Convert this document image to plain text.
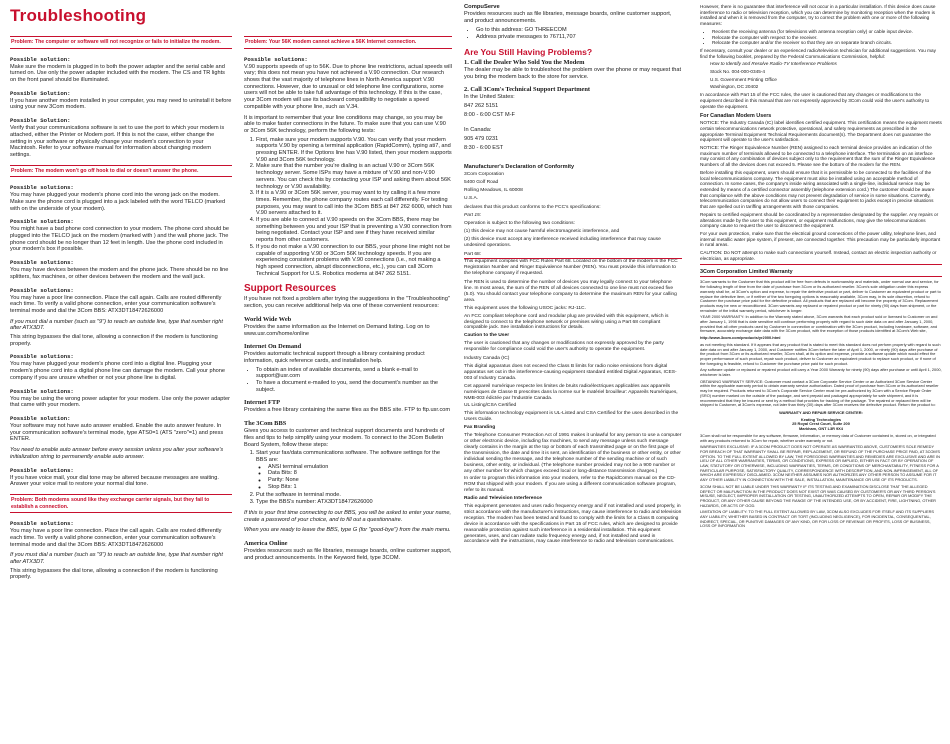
Troubleshooting
Problem: The computer or software will not recognize or fails to initialize the modem.
Possible solution:
Make sure the modem is plugged in to both the power adapter and the serial cable and turned on. Use only the power adapter included with the modem. The CS and TR lights on the front panel should be illuminated.
Possible Solution:
If you have another modem installed in your computer, you may need to uninstall it before using your new 3Com modem.
Possible Solution:
Verify that your communications software is set to use the port to which your modem is attached, either the Printer or Modem port. If this is not the case, either change the setting in your software or physically change your modem's connection to your Macintosh. Refer to your software manual for information about changing modem settings.
Problem: The modem won't go off hook to dial or doesn't answer the phone.
Possible solutions:
You may have plugged your modem's phone cord into the wrong jack on the modem. Make sure the phone cord is plugged into a jack labeled with the word TELCO (marked with on the underside of your modem).
Possible solutions:
You might have a bad phone cord connection to your modem. The phone cord should be plugged into the TELCO jack on the modem (marked with ) and the wall phone jack. The phone cord should be no longer than 12 feet in length. Use the phone cord included in your modem's box if possible.
Possible solutions:
You may have devices between the modem and the phone jack. There should be no line splitters, fax machines, or other devices between the modem and the wall jack.
Possible solutions:
You may have a poor line connection. Place the call again. Calls are routed differently each time. To verify a valid phone connection, enter your communication software's terminal mode and dial the 3Com BBS: ATX3DT18472626000
If you must dial a number (such as "9") to reach an outside line, type that number right after ATX3DT.
This string bypasses the dial tone, allowing a connection if the modem is functioning properly.
Possible solutions:
You may have plugged your modem's phone cord into a digital line. Plugging your modem's phone cord into a digital phone line can damage the modem. Call your phone company if you are unsure whether or not your phone line is digital.
Possible solutions:
You may be using the wrong power adapter for your modem. Use only the power adapter that came with your modem.
Possible solution:
Your software may not have auto answer enabled. Enable the auto answer feature. In your communication software's terminal mode, type ATS0=1 (ATS "zero"=1) and press ENTER.
You need to enable auto answer before every session unless you alter your software's initialization string to permanently enable auto answer.
Possible solutions:
If you have voice mail, your dial tone may be altered because messages are waiting. Answer your voice mail to restore your normal dial tone.
Problem: Both modems sound like they exchange carrier signals, but they fail to establish a connection.
Possible solutions:
You may have a poor line connection. Place the call again. Calls are routed differently each time. To verify a valid phone connection, enter your communication software's terminal mode and dial the 3Com BBS: ATX3DT18472626000
If you must dial a number (such as "9") to reach an outside line, type that number right after ATX3DT.
This string bypasses the dial tone, allowing a connection if the modem is functioning properly.
Problem: Your 56K modem cannot achieve a 56K Internet connection.
Possible solutions:
V.90 supports speeds of up to 56K. Due to phone line restrictions, actual speeds will vary; this does not mean you have not achieved a V.90 connection. Our research shows that the vast majority of telephone lines in North America support V.90 connections. However, due to unusual or old telephone line configurations, some users will not be able to take full advantage of this technology. If this is the case, your 3Com modem will use its backward compatibility to negotiate a speed compatible with your phone line, such as V.34.
It is important to remember that your line conditions may change, so you may be able to make faster connections in the future. To make sure that you can use V.90 or 3Com 56K technology, perform the following tests:
1. First, make sure your modem supports V.90. You can verify that your modem supports V.90 by opening a terminal application (RapidComm), typing ati7, and pressing ENTER. If the Options line has V.90 listed, then your modem supports V.90 and 3Com 56K technology.
2. Make sure that the number you're dialing is an actual V.90 or 3Com 56K technology server. Some ISPs may have a mixture of V.90 and non-V.90 servers. You can check this by contacting your ISP and asking them about 56K technology or V.90 availability.
3. If it is a V.90 or 3Com 56K server, you may want to try calling it a few more times. Remember, the phone company routes each call differently. For testing purposes, you may want to call into the 3Com BBS at 847 262 6000, which has V.90 servers attached to it.
4. If you are able to connect at V.90 speeds on the 3Com BBS, there may be something between you and your ISP that is preventing a V.90 connection from being negotiated. Contact your ISP and see if they have received similar reports from other customers.
5. If you do not make a V.90 connection to our BBS, your phone line might not be capable of supporting V.90 or 3Com 56K technology speeds. If you are experiencing consistent problems with V.90 connections (i.e., not making a high speed connection, abrupt disconnections, etc.), you can call 3Com Technical Support for U.S. Robotics modems at 847 262 5151.
Support Resources
If you have not fixed a problem after trying the suggestions in the "Troubleshooting" section, you can receive additional help via one of these convenient resources:
World Wide Web
Provides the same information as the Internet on Demand listing. Log on to www.usr.com/home/online
Internet On Demand
Provides automatic technical support through a library containing product information, quick reference cards, and installation help.
• To obtain an index of available documents, send a blank e-mail to support@usr.com
• To have a document e-mailed to you, send the document's number as the subject.
Internet FTP
Provides a free library containing the same files as the BBS site. FTP to ftp.usr.com
The 3Com BBS
Gives you access to customer and technical support documents and hundreds of files and tips to help simplify using your modem. To connect to the 3Com Bulletin Board System, follow these steps:
1. Start your fax/data communications software. The software settings for the BBS are:
◦ ANSI terminal emulation
◦ Data Bits: 8
◦ Parity: None
◦ Stop Bits: 1
2. Put the software in terminal mode.
3. Type the BBS's number: ATX3DT18472626000
If this is your first time connecting to our BBS, you will be asked to enter your name, create a password of your choice, and to fill out a questionnaire.
When you are ready to leave the BBS, type G (for "good-bye") from the main menu.
America Online
Provides resources such as file libraries, message boards, online customer support, and product announcements. In the Keyword field, type 3COM.
CompuServe
Provides resources such as file libraries, message boards, online customer support, and product announcements.
• Go to this address: GO THREECOM
• Address private messages to 76711,707
Are You Still Having Problems?
1. Call the Dealer Who Sold You the Modem
The dealer may be able to troubleshoot the problem over the phone or may request that you bring the modem back to the store for service.
2. Call 3Com's Technical Support Department
In the United States:
847 262 5151
8:00 - 6:00 CST M-F
In Canada:
905 479 0231
8:30 - 6:00 EST
Manufacturer's Declaration of Conformity
3Com Corporation
5400 Golf Road
Rolling Meadows, IL 60008
U.S.A.
declares that this product conforms to the FCC's specifications:
Part 15:
Operation is subject to the following two conditions:
(1) this device may not cause harmful electromagnetic interference, and
(2) this device must accept any interference received including interference that may cause undesired operations.
Part 68:
This equipment complies with FCC Rules Part 68. Located on the bottom of the modem is the FCC Registration Number and Ringer Equivalence Number (REN). You must provide this information to the telephone company if requested.
The REN is used to determine the number of devices you may legally connect to your telephone line. In most areas, the sum of the REN of all devices connected to one line must not exceed five (5.0). You should contact your telephone company to determine the maximum REN for your calling area.
This equipment uses the following USOC jacks: RJ-11C.
An FCC compliant telephone cord and modular plug are provided with this equipment, which is designed to connect to the telephone network or premises wiring using a Part 68 compliant compatible jack. See installation instructions for details.
Caution to the User
The user is cautioned that any changes or modifications not expressly approved by the party responsible for compliance could void the user's authority to operate the equipment.
Industry Canada (IC)
This digital apparatus does not exceed the Class B limits for radio noise emissions from digital apparatus set out in the interference-causing equipment standard entitled Digital Apparatus, ICES-003 of Industry Canada.
Cet appareil numérique respecte les limites de bruits radioélectriques applicables aux appareils numériques de Classe B prescrites dans la norme sur le matériel brouilleur: Appareils Numériques, NMB-003 édictée par l'Industrie Canada.
UL Listing/CSA Certified
This information technology equipment is UL-Listed and CSA Certified for the uses described in the Users Guide.
Fax Branding
The Telephone Consumer Protection Act of 1991 makes it unlawful for any person to use a computer or other electronic device, including fax machines, to send any message unless such message clearly contains in the margin at the top or bottom of each transmitted page or on the first page of the transmission, the date and time it is sent, an identification of the business or other entity, or other individual sending the message, and the telephone number of the sending machine or of such business, other entity, or individual. (The telephone number provided may not be a 900 number or any other number for which charges exceed local or long-distance transmission charges.)
In order to program this information into your modem, refer to the RapidComm manual on the CD-ROM that shipped with your modem. If you are using a different communication software program, refer to its manual.
Radio and Television Interference
This equipment generates and uses radio frequency energy and if not installed and used properly, in strict accordance with the manufacturer's instructions, may cause interference to radio and television reception. The modem has been tested and found to comply with the limits for a Class B computing device in accordance with the specifications in Part 15 of FCC rules, which are designed to provide reasonable protection against such interference in a residential installation. This equipment generates, uses, and can radiate radio frequency energy and, if not installed and used in accordance with the instructions, may cause interference to radio and television communications.
However, there is no guarantee that interference will not occur in a particular installation. If this device does cause interference to radio or television reception, which you can determine by monitoring reception when the modem is installed and when it is removed from the computer, try to correct the problem with one or more of the following measures:
• Reorient the receiving antenna (for televisions with antenna reception only) or cable input device.
• Relocate the computer with respect to the receiver.
• Relocate the computer and/or the receiver so that they are on separate branch circuits.
If necessary, consult your dealer or an experienced radio/television technician for additional suggestions. You may find the following booklet, prepared by the Federal Communications Commission, helpful:
How to Identify and Resolve Radio-TV Interference Problems
Stock No. 004-000-0345-4
U.S. Government Printing Office
Washington, DC 20402
In accordance with Part 15 of the FCC rules, the user is cautioned that any changes or modifications to the equipment described in this manual that are not expressly approved by 3Com could void the user's authority to operate the equipment.
For Canadian Modem Users
NOTICE: The Industry Canada (IC) label identifies certified equipment. This certification means the equipment meets certain telecommunications network protective, operational, and safety requirements as prescribed in the appropriate Terminal Equipment Technical Requirements document(s). The Department does not guarantee the equipment will operate to the user's satisfaction.
NOTICE: The Ringer Equivalence Number (REN) assigned to each terminal device provides an indication of the maximum number of terminals allowed to be connected to a telephone interface. The termination on an interface may consist of any combination of devices subject only to the requirement that the sum of the Ringer Equivalence Numbers of all the devices does not exceed 5. Please see the bottom of the modem for the REN.
Before installing this equipment, users should ensure that it is permissible to be connected to the facilities of the local telecommunications company. The equipment must also be installed using an acceptable method of connection. In some cases, the company's inside wiring associated with a single-line, individual service may be extended by means of a certified connector assembly (telephone extension cord.) The customer should be aware that compliance with the above conditions may not prevent degradation of service in some situations. Currently, telecommunication companies do not allow users to connect their equipment to jacks except in precise situations that are spelled out in tariffing arrangements with those companies.
Repairs to certified equipment should be coordinated by a representative designated by the supplier. Any repairs or alterations made by the user to this equipment, or equipment malfunctions, may give the telecommunications company cause to request the user to disconnect the equipment.
For your own protection, make sure that the electrical ground connections of the power utility, telephone lines, and internal metallic water pipe system, if present, are connected together. This precaution may be particularly important in rural areas.
CAUTION: Do NOT attempt to make such connections yourself. Instead, contact an electric inspection authority or electrician, as appropriate.
3Com Corporation Limited Warranty
3Com warrants to the Customer that this product will be free from defects in workmanship and materials, under normal use and service, for the following length of time from the date of purchase from 3Com or its authorized reseller. 3Com's sole obligation under this express warranty shall be, at 3Com's option and expense, to repair the defective product or part, deliver to Customer an equivalent product or part to replace the defective item, or if neither of the two foregoing options is reasonably available, 3Com may, in its sole discretion, refund to Customer the purchase price paid for the defective product. All products that are replaced will become the property of 3Com. Replacement products may be new or reconditioned. 3Com warrants any replaced or repaired product or part for ninety (90) days from shipment, or the remainder of the initial warranty period, whichever is longer.
YEAR 2000 WARRANTY: In addition to the Warranty stated above, 3Com warrants that each product sold or licensed to Customer on and after January 1, 1998 that is date sensitive will continue performing properly with regard to such date data on and after January 1, 2000, provided that all other products used by Customer in connection or combination with the 3Com product, including hardware, software, and firmware, accurately exchange date data with the 3Com product, with the exception of those products identified at 3Com's Web site,
http://www.3com.com/products/yr2000.html
as not meeting this standard. If it appears that any product that is stated to meet this standard does not perform properly with regard to such date data on and after January 1, 2000, and Customer notifies 3Com before the later of April 1, 2000, or ninety (90) days after purchase of the product from 3Com or its authorized reseller, 3Com shall, at its option and expense, provide a software update which would effect the proper performance of such product, repair such product, deliver to Customer an equivalent product to replace such product, or if none of the foregoing is feasible, refund to Customer the purchase price paid for such product.
Any software update or replaced or repaired product will carry a Year 2000 Warranty for ninety (90) days after purchase or until April 1, 2000, whichever is later.
OBTAINING WARRANTY SERVICE: Customer must contact a 3Com Corporate Service Center or an Authorized 3Com Service Center within the applicable warranty period to obtain warranty service authorization. Dated proof of purchase from 3Com or its authorized reseller may be required. Products returned to 3Com's Corporate Service Center must be pre-authorized by 3Com with a Service Repair Order (SRO) number marked on the outside of the package, and sent prepaid and packaged appropriately for safe shipment, and it is recommended that they be insured or sent by a method that provides for tracking of the package. The repaired or replaced item will be shipped to Customer, at 3Com's expense, not later than thirty (30) days after 3Com receives the defective product. Return the product to:
WARRANTY AND REPAIR SERVICE CENTER:
Keating Technologies
25 Royal Crest Court, Suite 200
Markham, ONT L3R 9X4
3Com shall not be responsible for any software, firmware, information, or memory data of Customer contained in, stored on, or integrated with any products returned to 3Com for repair, whether under warranty or not.
WARRANTIES EXCLUSIVE: IF A 3COM PRODUCT DOES NOT OPERATE AS WARRANTED ABOVE, CUSTOMER'S SOLE REMEDY FOR BREACH OF THAT WARRANTY SHALL BE REPAIR, REPLACEMENT, OR REFUND OF THE PURCHASE PRICE PAID, AT 3COM'S OPTION. TO THE FULL EXTENT ALLOWED BY LAW, THE FOREGOING WARRANTIES AND REMEDIES ARE EXCLUSIVE AND ARE IN LIEU OF ALL OTHER WARRANTIES, TERMS, OR CONDITIONS, EXPRESS OR IMPLIED, EITHER IN FACT OR BY OPERATION OF LAW, STATUTORY OR OTHERWISE, INCLUDING WARRANTIES, TERMS, OR CONDITIONS OF MERCHANTABILITY, FITNESS FOR A PARTICULAR PURPOSE, SATISFACTORY QUALITY, CORRESPONDENCE WITH DESCRIPTION, AND NON-INFRINGEMENT, ALL OF WHICH ARE EXPRESSLY DISCLAIMED. 3COM NEITHER ASSUMES NOR AUTHORIZES ANY OTHER PERSON TO ASSUME FOR IT ANY OTHER LIABILITY IN CONNECTION WITH THE SALE, INSTALLATION, MAINTENANCE OR USE OF ITS PRODUCTS.
3COM SHALL NOT BE LIABLE UNDER THIS WARRANTY IF ITS TESTING AND EXAMINATION DISCLOSE THAT THE ALLEGED DEFECT OR MALFUNCTION IN THE PRODUCT DOES NOT EXIST OR WAS CAUSED BY CUSTOMER'S OR ANY THIRD PERSON'S MISUSE, NEGLECT, IMPROPER INSTALLATION OR TESTING, UNAUTHORIZED ATTEMPTS TO OPEN, REPAIR OR MODIFY THE PRODUCT, OR ANY OTHER CAUSE BEYOND THE RANGE OF THE INTENDED USE, OR BY ACCIDENT, FIRE, LIGHTNING, OTHER HAZARDS, OR ACTS OF GOD.
LIMITATION OF LIABILITY: TO THE FULL EXTENT ALLOWED BY LAW, 3COM ALSO EXCLUDES FOR ITSELF AND ITS SUPPLIERS ANY LIABILITY, WHETHER BASED IN CONTRACT OR TORT (INCLUDING NEGLIGENCE), FOR INCIDENTAL, CONSEQUENTIAL, INDIRECT, SPECIAL, OR PUNITIVE DAMAGES OF ANY KIND, OR FOR LOSS OF REVENUE OR PROFITS, LOSS OF BUSINESS, LOSS OF INFORMATION
